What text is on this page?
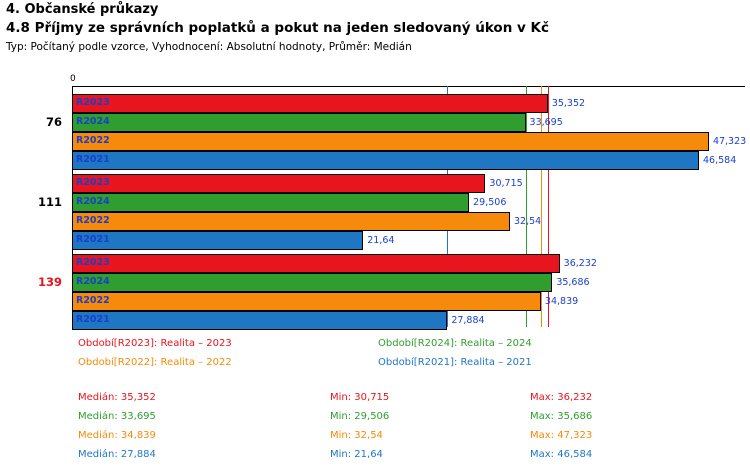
4. Občanské průkazy
4.8 Příjmy ze správních poplatků a pokut na jeden sledovaný úkon v Kč
Typ: Počítaný podle vzorce, Vyhodnocení: Absolutní hodnoty, Průměr: Medián
0
76
R2023	35,352
R2024	33,695
R2022	47,323
R2021	46,584
111
R2023	30,715
R2024	29,506
R2022	32,54
R2021	21,64
139
R2023	36,232
R2024	35,686
R2022	34,839
R2021	27,884
Období[R2023]: Realita – 2023	Období[R2024]: Realita – 2024
Období[R2022]: Realita – 2022	Období[R2021]: Realita – 2021
Medián: 35,352	Min: 30,715	Max: 36,232
Medián: 33,695	Min: 29,506	Max: 35,686
Medián: 34,839	Min: 32,54	Max: 47,323
Medián: 27,884	Min: 21,64	Max: 46,584
